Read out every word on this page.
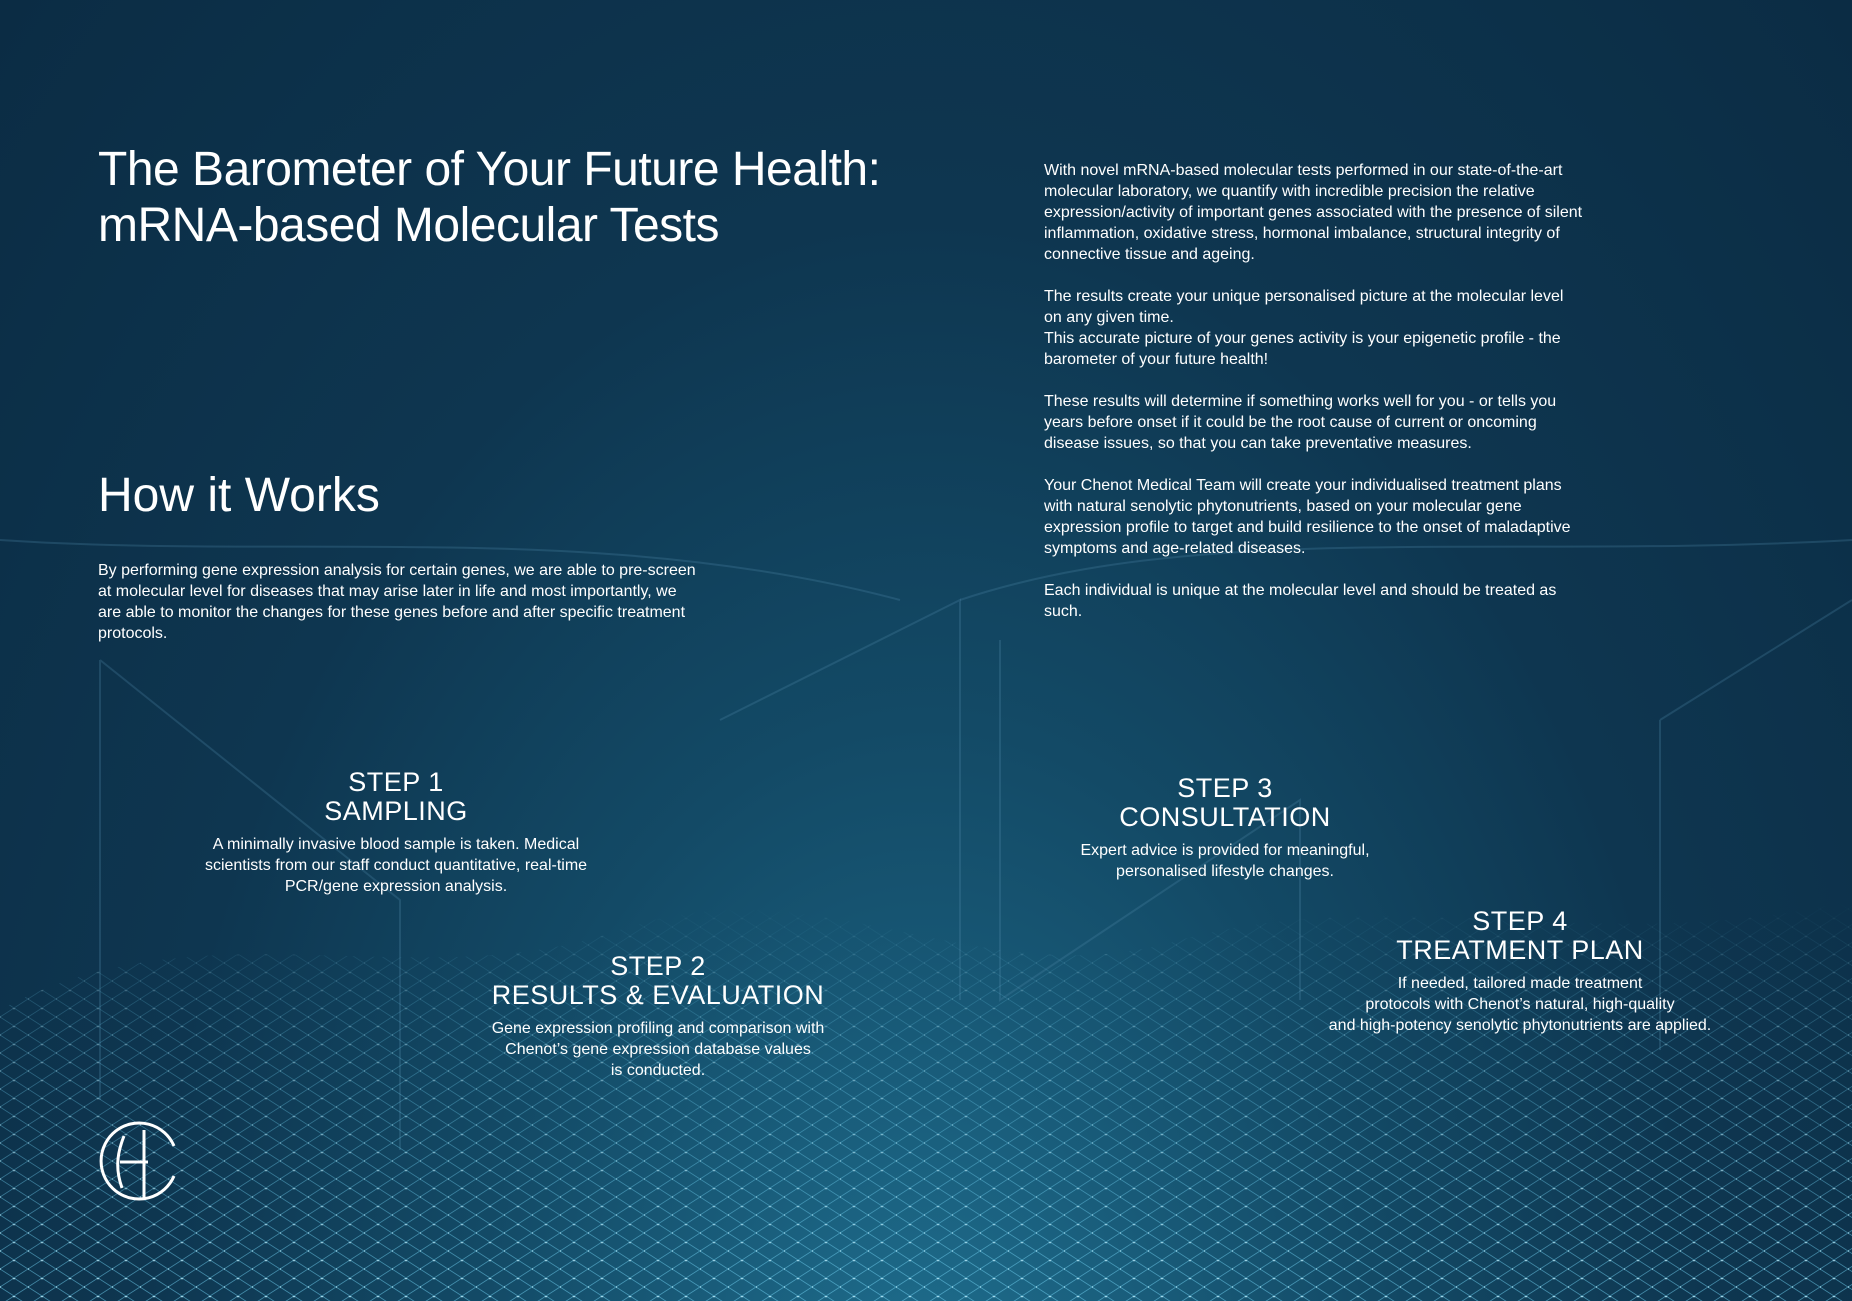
The Barometer of Your Future Health:
mRNA-based Molecular Tests
How it Works
By performing gene expression analysis for certain genes, we are able to pre-screen at molecular level for diseases that may arise later in life and most importantly, we are able to monitor the changes for these genes before and after specific treatment protocols.

With novel mRNA-based molecular tests performed in our state-of-the-art molecular laboratory, we quantify with incredible precision the relative expression/activity of important genes associated with the presence of silent inflammation, oxidative stress, hormonal imbalance, structural integrity of connective tissue and ageing.

The results create your unique personalised picture at the molecular level on any given time.
This accurate picture of your genes activity is your epigenetic profile - the barometer of your future health!

These results will determine if something works well for you - or tells you years before onset if it could be the root cause of current or oncoming disease issues, so that you can take preventative measures.

Your Chenot Medical Team will create your individualised treatment plans with natural senolytic phytonutrients, based on your molecular gene expression profile to target and build resilience to the onset of maladaptive symptoms and age-related diseases.

Each individual is unique at the molecular level and should be treated as such.

STEP 1
SAMPLING
A minimally invasive blood sample is taken. Medical
scientists from our staff conduct quantitative, real-time
PCR/gene expression analysis.
STEP 2
RESULTS & EVALUATION
Gene expression profiling and comparison with
Chenot’s gene expression database values
is conducted.
STEP 3
CONSULTATION
Expert advice is provided for meaningful,
personalised lifestyle changes.
STEP 4
TREATMENT PLAN
If needed, tailored made treatment
protocols with Chenot’s natural, high-quality
and high-potency senolytic phytonutrients are applied.
